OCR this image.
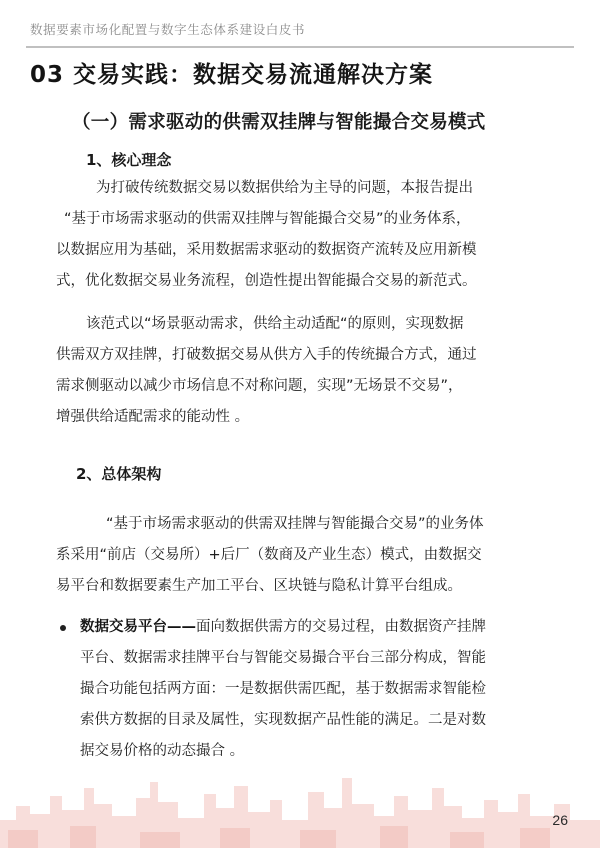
数据要素市场化配置与数字生态体系建设白皮书
03 交易实践：数据交易流通解决方案
（一）需求驱动的供需双挂牌与智能撮合交易模式
1、核心理念
为打破传统数据交易以数据供给为主导的问题，本报告提出
“基于市场需求驱动的供需双挂牌与智能撮合交易”的业务体系，
以数据应用为基础，采用数据需求驱动的数据资产流转及应用新模
式，优化数据交易业务流程，创造性提出智能撮合交易的新范式。
该范式以“场景驱动需求，供给主动适配“的原则，实现数据
供需双方双挂牌，打破数据交易从供方入手的传统撮合方式，通过
需求侧驱动以减少市场信息不对称问题，实现”无场景不交易”，
增强供给适配需求的能动性 。
2、总体架构
“基于市场需求驱动的供需双挂牌与智能撮合交易”的业务体
系采用“前店（交易所）+后厂（数商及产业生态）模式，由数据交
易平台和数据要素生产加工平台、区块链与隐私计算平台组成。
数据交易平台——面向数据供需方的交易过程，由数据资产挂牌
平台、数据需求挂牌平台与智能交易撮合平台三部分构成，智能
撮合功能包括两方面：一是数据供需匹配，基于数据需求智能检
索供方数据的目录及属性，实现数据产品性能的满足。二是对数
据交易价格的动态撮合 。
26
